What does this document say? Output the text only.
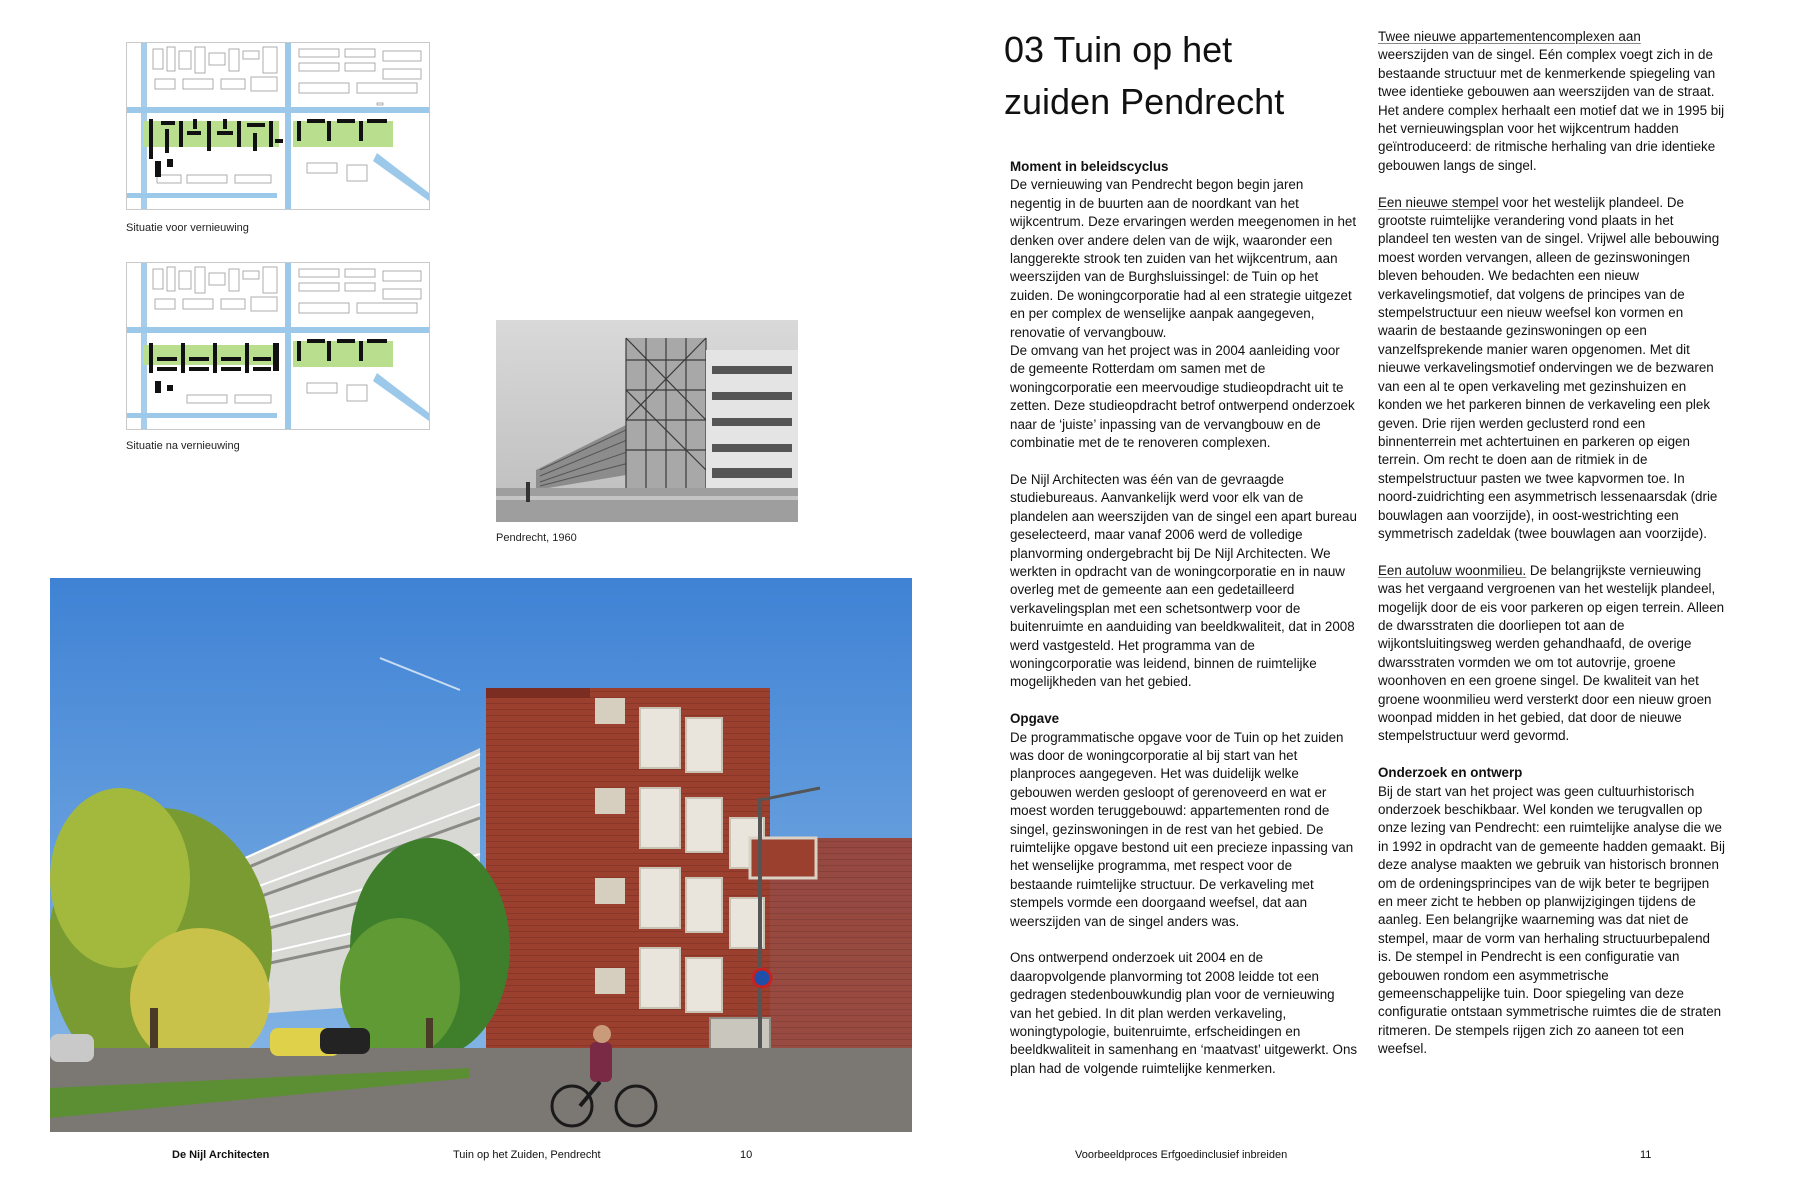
Situatie voor vernieuwing
Situatie na vernieuwing
Pendrecht, 1960
De Nijl Architecten	Tuin op het Zuiden, Pendrecht	10
03 Tuin op het
zuiden Pendrecht
Moment in beleidscyclus

De vernieuwing van Pendrecht begon begin jaren negentig in de buurten aan de noordkant van het wijkcentrum. Deze ervaringen werden meegenomen in het denken over andere delen van de wijk, waaronder een langgerekte strook ten zuiden van het wijkcentrum, aan weerszijden van de Burghsluissingel: de Tuin op het zuiden. De woningcorporatie had al een strategie uitgezet en per complex de wenselijke aanpak aangegeven, renovatie of vervangbouw.

De omvang van het project was in 2004 aanleiding voor de gemeente Rotterdam om samen met de woningcorporatie een meervoudige studieopdracht uit te zetten. Deze studieopdracht betrof ontwerpend onderzoek naar de ‘juiste’ inpassing van de vervangbouw en de combinatie met de te renoveren complexen.

De Nijl Architecten was één van de gevraagde studiebureaus. Aanvankelijk werd voor elk van de plandelen aan weerszijden van de singel een apart bureau geselecteerd, maar vanaf 2006 werd de volledige planvorming ondergebracht bij De Nijl Architecten. We werkten in opdracht van de woningcorporatie en in nauw overleg met de gemeente aan een gedetailleerd verkavelingsplan met een schetsontwerp voor de buitenruimte en aanduiding van beeldkwaliteit, dat in 2008 werd vastgesteld. Het programma van de woningcorporatie was leidend, binnen de ruimtelijke mogelijkheden van het gebied.

Opgave

De programmatische opgave voor de Tuin op het zuiden was door de woningcorporatie al bij start van het planproces aangegeven. Het was duidelijk welke gebouwen werden gesloopt of gerenoveerd en wat er moest worden teruggebouwd: appartementen rond de singel, gezinswoningen in de rest van het gebied. De ruimtelijke opgave bestond uit een precieze inpassing van het wenselijke programma, met respect voor de bestaande ruimtelijke structuur. De verkaveling met stempels vormde een doorgaand weefsel, dat aan weerszijden van de singel anders was.

Ons ontwerpend onderzoek uit 2004 en de daaropvolgende planvorming tot 2008 leidde tot een gedragen stedenbouwkundig plan voor de vernieuwing van het gebied. In dit plan werden verkaveling, woningtypologie, buitenruimte, erfscheidingen en beeldkwaliteit in samenhang en ‘maatvast’ uitgewerkt. Ons plan had de volgende ruimtelijke kenmerken.

Twee nieuwe appartementencomplexen aan
weerszijden van de singel. Eén complex voegt zich in de bestaande structuur met de kenmerkende spiegeling van twee identieke gebouwen aan weerszijden van de straat. Het andere complex herhaalt een motief dat we in 1995 bij het vernieuwingsplan voor het wijkcentrum hadden geïntroduceerd: de ritmische herhaling van drie identieke gebouwen langs de singel.

Een nieuwe stempel voor het westelijk plandeel. De grootste ruimtelijke verandering vond plaats in het plandeel ten westen van de singel. Vrijwel alle bebouwing moest worden vervangen, alleen de gezinswoningen bleven behouden. We bedachten een nieuw verkavelingsmotief, dat volgens de principes van de stempelstructuur een nieuw weefsel kon vormen en waarin de bestaande gezinswoningen op een vanzelfsprekende manier waren opgenomen. Met dit nieuwe verkavelingsmotief ondervingen we de bezwaren van een al te open verkaveling met gezinshuizen en konden we het parkeren binnen de verkaveling een plek geven. Drie rijen werden geclusterd rond een binnenterrein met achtertuinen en parkeren op eigen terrein. Om recht te doen aan de ritmiek in de stempelstructuur pasten we twee kapvormen toe. In noord-zuidrichting een asymmetrisch lessenaarsdak (drie bouwlagen aan voorzijde), in oost-westrichting een symmetrisch zadeldak (twee bouwlagen aan voorzijde).

Een autoluw woonmilieu. De belangrijkste vernieuwing was het vergaand vergroenen van het westelijk plandeel, mogelijk door de eis voor parkeren op eigen terrein. Alleen de dwarsstraten die doorliepen tot aan de wijkontsluitingsweg werden gehandhaafd, de overige dwarsstraten vormden we om tot autovrije, groene woonhoven en een groene singel. De kwaliteit van het groene woonmilieu werd versterkt door een nieuw groen woonpad midden in het gebied, dat door de nieuwe stempelstructuur werd gevormd.

Onderzoek en ontwerp

Bij de start van het project was geen cultuurhistorisch onderzoek beschikbaar. Wel konden we terugvallen op onze lezing van Pendrecht: een ruimtelijke analyse die we in 1992 in opdracht van de gemeente hadden gemaakt. Bij deze analyse maakten we gebruik van historisch bronnen om de ordeningsprincipes van de wijk beter te begrijpen en meer zicht te hebben op planwijzigingen tijdens de aanleg. Een belangrijke waarneming was dat niet de stempel, maar de vorm van herhaling structuurbepalend is. De stempel in Pendrecht is een configuratie van gebouwen rondom een asymmetrische gemeenschappelijke tuin. Door spiegeling van deze configuratie ontstaan symmetrische ruimtes die de straten ritmeren. De stempels rijgen zich zo aaneen tot een weefsel.

Voorbeeldproces Erfgoedinclusief inbreiden	11
